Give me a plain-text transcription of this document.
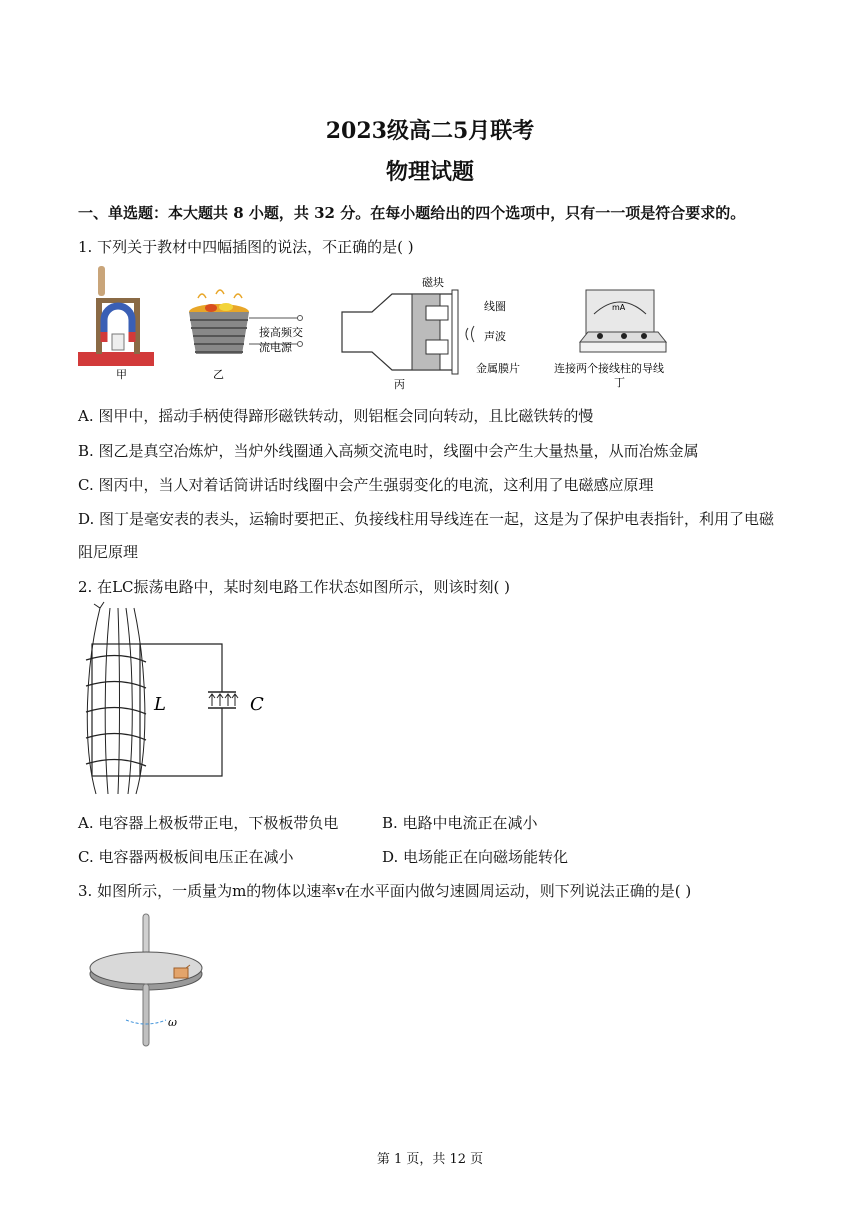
2023级高二5月联考
物理试题
一、单选题：本大题共 8 小题，共 32 分。在每小题给出的四个选项中，只有一一项是符合要求的。
1. 下列关于教材中四幅插图的说法，不正确的是( )
甲
接高频交
流电源
乙
磁块
线圈
声波
金属膜片
丙
mA
连接两个接线柱的导线
丁
A. 图甲中，摇动手柄使得蹄形磁铁转动，则铝框会同向转动，且比磁铁转的慢
B. 图乙是真空冶炼炉，当炉外线圈通入高频交流电时，线圈中会产生大量热量，从而冶炼金属
C. 图丙中，当人对着话筒讲话时线圈中会产生强弱变化的电流，这利用了电磁感应原理
D. 图丁是毫安表的表头，运输时要把正、负接线柱用导线连在一起，这是为了保护电表指针，利用了电磁
阻尼原理
2. 在LC振荡电路中，某时刻电路工作状态如图所示，则该时刻( )
L	C
A. 电容器上极板带正电，下极板带负电	B. 电路中电流正在减小
C. 电容器两极板间电压正在减小	D. 电场能正在向磁场能转化
3. 如图所示，一质量为m的物体以速率v在水平面内做匀速圆周运动，则下列说法正确的是( )
ω
第 1 页，共 12 页
